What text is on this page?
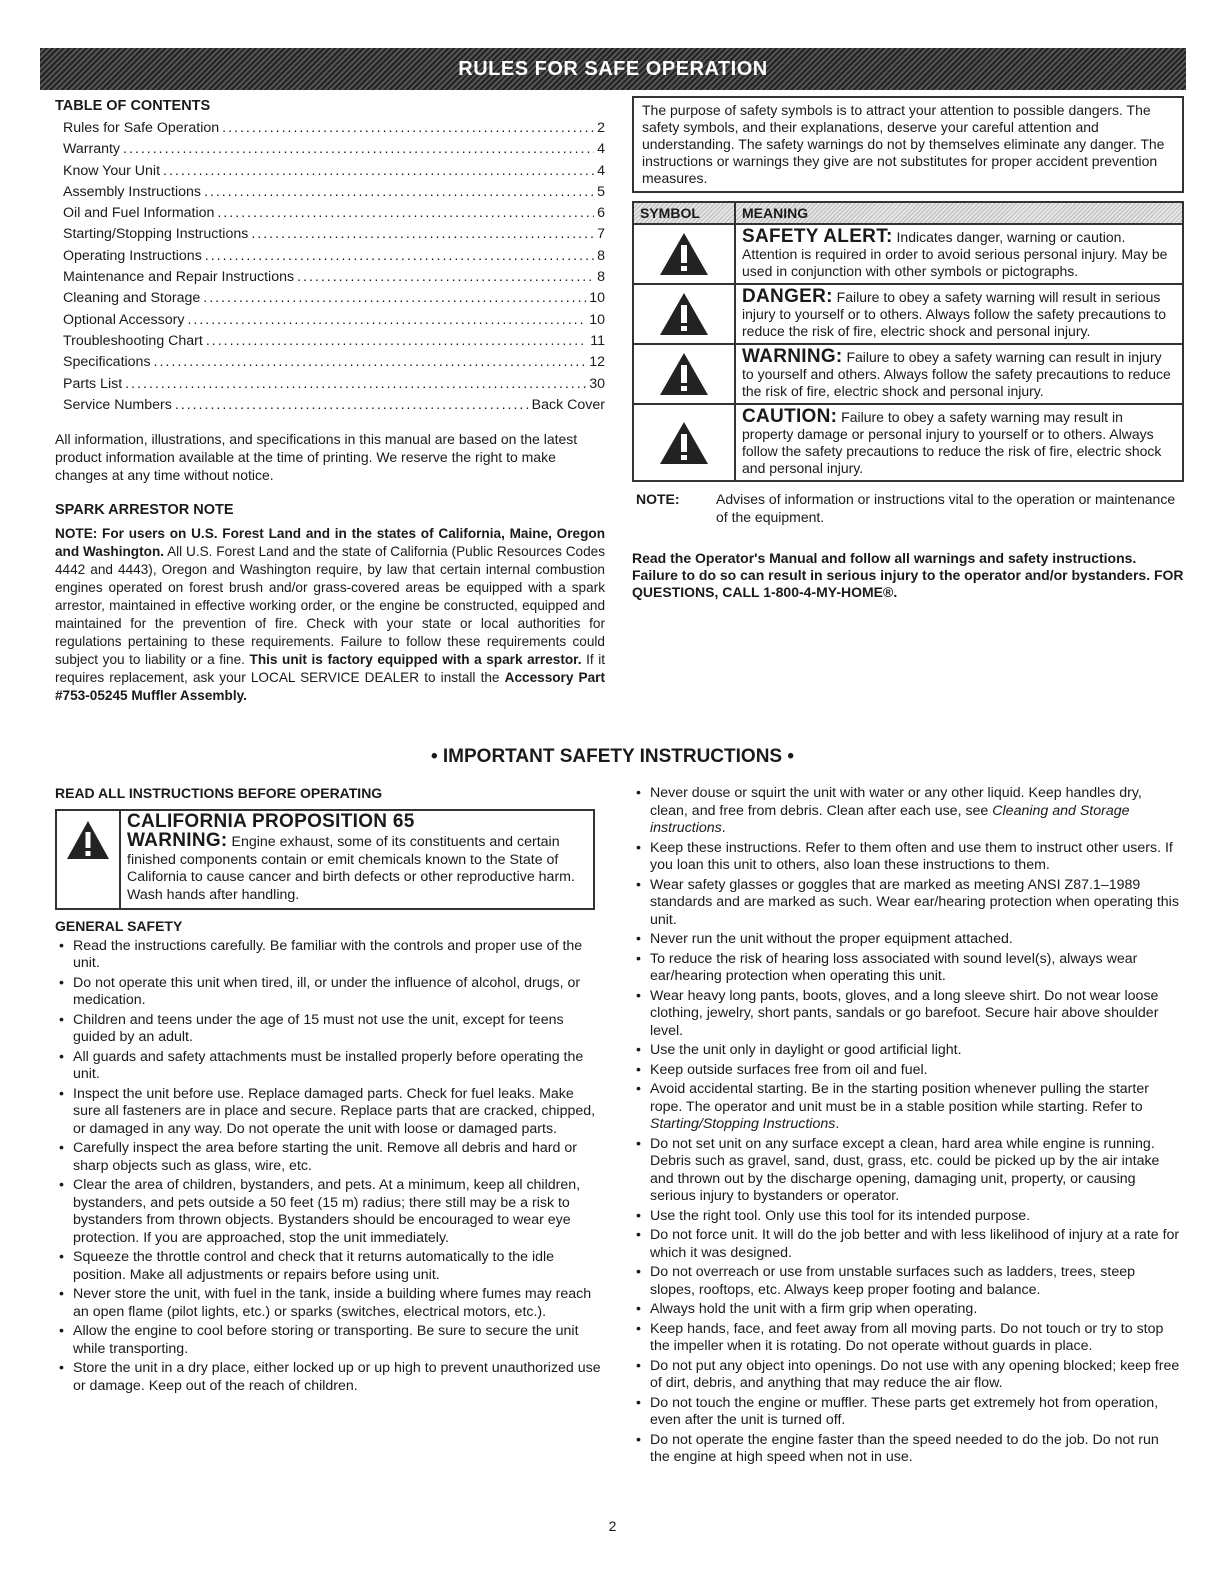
RULES FOR SAFE OPERATION
TABLE OF CONTENTS
Rules for Safe Operation .....	2
Warranty .....	4
Know Your Unit .....	4
Assembly Instructions .....	5
Oil and Fuel Information .....	6
Starting/Stopping Instructions .....	7
Operating Instructions .....	8
Maintenance and Repair Instructions .....	8
Cleaning and Storage .....	10
Optional Accessory .....	10
Troubleshooting Chart .....	11
Specifications .....	12
Parts List .....	30
Service Numbers .....	Back Cover
All information, illustrations, and specifications in this manual are based on the latest product information available at the time of printing. We reserve the right to make changes at any time without notice.
SPARK ARRESTOR NOTE
NOTE: For users on U.S. Forest Land and in the states of California, Maine, Oregon and Washington. All U.S. Forest Land and the state of California (Public Resources Codes 4442 and 4443), Oregon and Washington require, by law that certain internal combustion engines operated on forest brush and/or grass-covered areas be equipped with a spark arrestor, maintained in effective working order, or the engine be constructed, equipped and maintained for the prevention of fire. Check with your state or local authorities for regulations pertaining to these requirements. Failure to follow these requirements could subject you to liability or a fine. This unit is factory equipped with a spark arrestor. If it requires replacement, ask your LOCAL SERVICE DEALER to install the Accessory Part #753-05245 Muffler Assembly.
The purpose of safety symbols is to attract your attention to possible dangers. The safety symbols, and their explanations, deserve your careful attention and understanding. The safety warnings do not by themselves eliminate any danger. The instructions or warnings they give are not substitutes for proper accident prevention measures.
SYMBOL	MEANING
SAFETY ALERT: Indicates danger, warning or caution. Attention is required in order to avoid serious personal injury. May be used in conjunction with other symbols or pictographs.
DANGER: Failure to obey a safety warning will result in serious injury to yourself or to others. Always follow the safety precautions to reduce the risk of fire, electric shock and personal injury.
WARNING: Failure to obey a safety warning can result in injury to yourself and others. Always follow the safety precautions to reduce the risk of fire, electric shock and personal injury.
CAUTION: Failure to obey a safety warning may result in property damage or personal injury to yourself or to others. Always follow the safety precautions to reduce the risk of fire, electric shock and personal injury.
NOTE:	Advises of information or instructions vital to the operation or maintenance of the equipment.
Read the Operator's Manual and follow all warnings and safety instructions. Failure to do so can result in serious injury to the operator and/or bystanders. FOR QUESTIONS, CALL 1-800-4-MY-HOME®.
• IMPORTANT SAFETY INSTRUCTIONS •
READ ALL INSTRUCTIONS BEFORE OPERATING
CALIFORNIA PROPOSITION 65
WARNING: Engine exhaust, some of its constituents and certain finished components contain or emit chemicals known to the State of California to cause cancer and birth defects or other reproductive harm. Wash hands after handling.
GENERAL SAFETY
• Read the instructions carefully. Be familiar with the controls and proper use of the unit.
• Do not operate this unit when tired, ill, or under the influence of alcohol, drugs, or medication.
• Children and teens under the age of 15 must not use the unit, except for teens guided by an adult.
• All guards and safety attachments must be installed properly before operating the unit.
• Inspect the unit before use. Replace damaged parts. Check for fuel leaks. Make sure all fasteners are in place and secure. Replace parts that are cracked, chipped, or damaged in any way. Do not operate the unit with loose or damaged parts.
• Carefully inspect the area before starting the unit. Remove all debris and hard or sharp objects such as glass, wire, etc.
• Clear the area of children, bystanders, and pets. At a minimum, keep all children, bystanders, and pets outside a 50 feet (15 m) radius; there still may be a risk to bystanders from thrown objects. Bystanders should be encouraged to wear eye protection. If you are approached, stop the unit immediately.
• Squeeze the throttle control and check that it returns automatically to the idle position. Make all adjustments or repairs before using unit.
• Never store the unit, with fuel in the tank, inside a building where fumes may reach an open flame (pilot lights, etc.) or sparks (switches, electrical motors, etc.).
• Allow the engine to cool before storing or transporting. Be sure to secure the unit while transporting.
• Store the unit in a dry place, either locked up or up high to prevent unauthorized use or damage. Keep out of the reach of children.
• Never douse or squirt the unit with water or any other liquid. Keep handles dry, clean, and free from debris. Clean after each use, see Cleaning and Storage instructions.
• Keep these instructions. Refer to them often and use them to instruct other users. If you loan this unit to others, also loan these instructions to them.
• Wear safety glasses or goggles that are marked as meeting ANSI Z87.1–1989 standards and are marked as such. Wear ear/hearing protection when operating this unit.
• Never run the unit without the proper equipment attached.
• To reduce the risk of hearing loss associated with sound level(s), always wear ear/hearing protection when operating this unit.
• Wear heavy long pants, boots, gloves, and a long sleeve shirt. Do not wear loose clothing, jewelry, short pants, sandals or go barefoot. Secure hair above shoulder level.
• Use the unit only in daylight or good artificial light.
• Keep outside surfaces free from oil and fuel.
• Avoid accidental starting. Be in the starting position whenever pulling the starter rope. The operator and unit must be in a stable position while starting. Refer to Starting/Stopping Instructions.
• Do not set unit on any surface except a clean, hard area while engine is running. Debris such as gravel, sand, dust, grass, etc. could be picked up by the air intake and thrown out by the discharge opening, damaging unit, property, or causing serious injury to bystanders or operator.
• Use the right tool. Only use this tool for its intended purpose.
• Do not force unit. It will do the job better and with less likelihood of injury at a rate for which it was designed.
• Do not overreach or use from unstable surfaces such as ladders, trees, steep slopes, rooftops, etc. Always keep proper footing and balance.
• Always hold the unit with a firm grip when operating.
• Keep hands, face, and feet away from all moving parts. Do not touch or try to stop the impeller when it is rotating. Do not operate without guards in place.
• Do not put any object into openings. Do not use with any opening blocked; keep free of dirt, debris, and anything that may reduce the air flow.
• Do not touch the engine or muffler. These parts get extremely hot from operation, even after the unit is turned off.
• Do not operate the engine faster than the speed needed to do the job. Do not run the engine at high speed when not in use.
2
